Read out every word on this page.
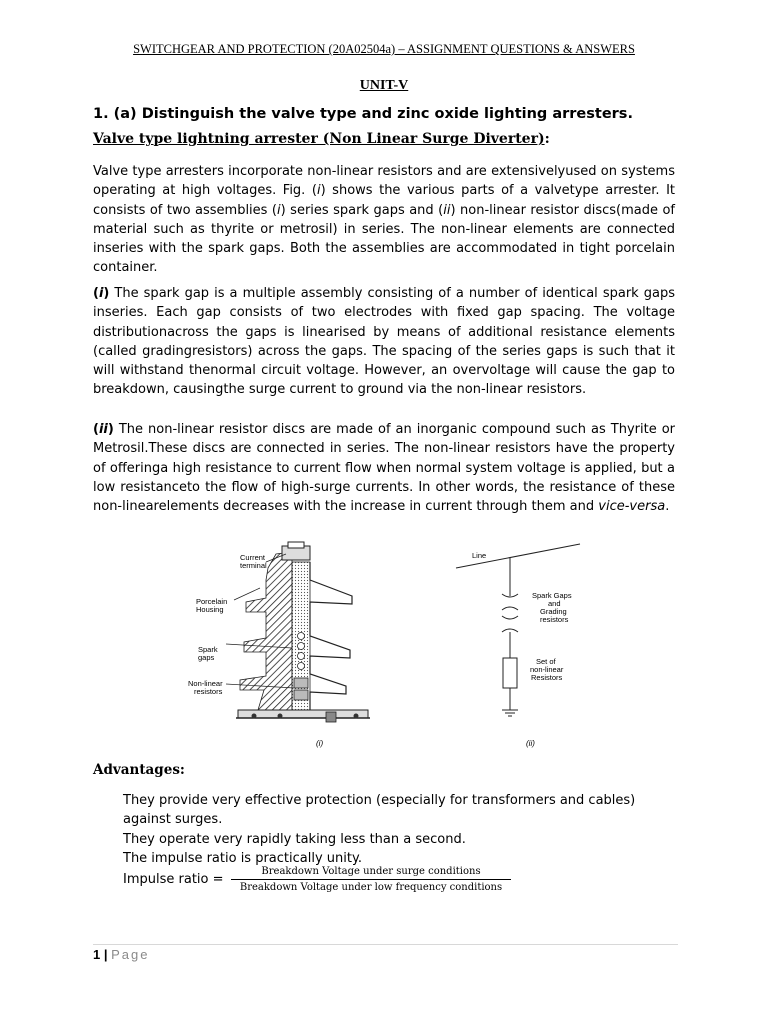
SWITCHGEAR AND PROTECTION (20A02504a) – ASSIGNMENT QUESTIONS & ANSWERS
UNIT-V
1. (a) Distinguish the valve type and zinc oxide lighting arresters.
Valve type lightning arrester (Non Linear Surge Diverter):

Valve type arresters incorporate non-linear resistors and are extensivelyused on systems operating at high voltages. Fig. (i) shows the various parts of a valvetype arrester. It consists of two assemblies (i) series spark gaps and (ii) non-linear resistor discs(made of material such as thyrite or metrosil) in series. The non-linear elements are connected inseries with the spark gaps. Both the assemblies are accommodated in tight porcelain container.

(i) The spark gap is a multiple assembly consisting of a number of identical spark gaps inseries. Each gap consists of two electrodes with fixed gap spacing. The voltage distributionacross the gaps is linearised by means of additional resistance elements (called gradingresistors) across the gaps. The spacing of the series gaps is such that it will withstand thenormal circuit voltage. However, an overvoltage will cause the gap to breakdown, causingthe surge current to ground via the non-linear resistors.

(ii) The non-linear resistor discs are made of an inorganic compound such as Thyrite or Metrosil.These discs are connected in series. The non-linear resistors have the property of offeringa high resistance to current flow when normal system voltage is applied, but a low resistanceto the flow of high-surge currents. In other words, the resistance of these non-linearelements decreases with the increase in current through them and vice-versa.

Current
terminal
Porcelain
Housing
Spark
gaps
Non-linear
resistors
(i)
Line
Spark Gaps
and
Grading
resistors
Set of
non-linear
Resistors
(ii)
Advantages:
They provide very effective protection (especially for transformers and cables) against surges.
They operate very rapidly taking less than a second.
The impulse ratio is practically unity.
Impulse ratio =
Breakdown Voltage under surge conditions
Breakdown Voltage under low frequency conditions
1 | Page
